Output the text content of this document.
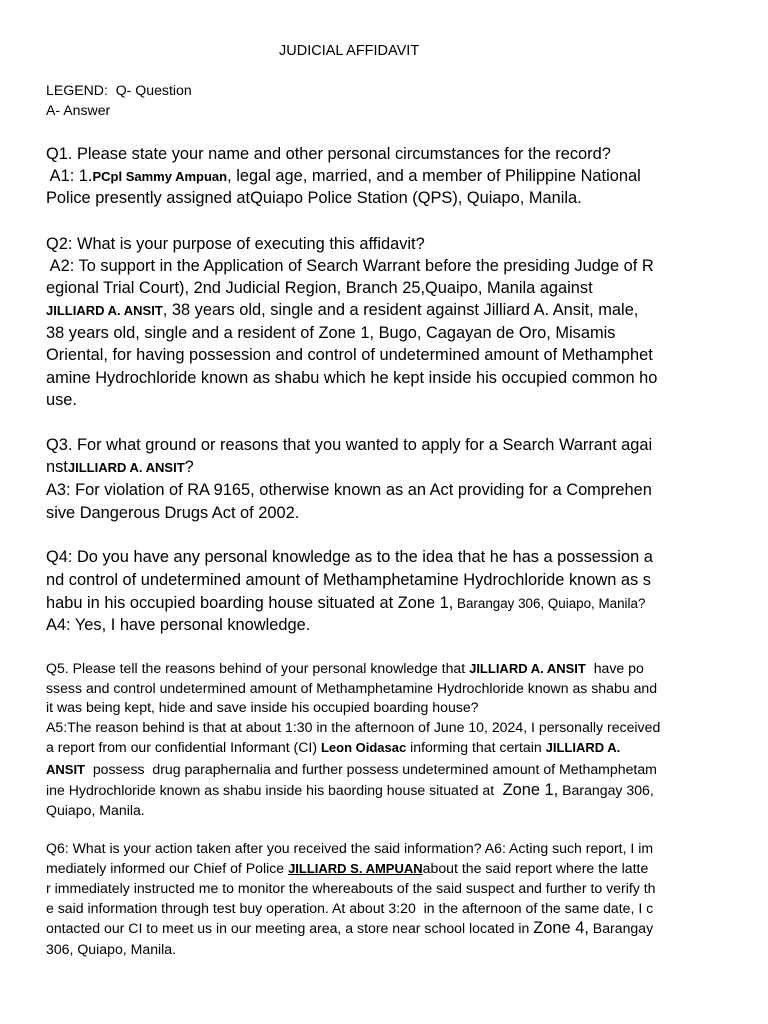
JUDICIAL AFFIDAVIT
LEGEND:  Q- Question
A- Answer
Q1. Please state your name and other personal circumstances for the record?
A1: 1.PCpl Sammy Ampuan, legal age, married, and a member of Philippine National
Police presently assigned atQuiapo Police Station (QPS), Quiapo, Manila.
Q2: What is your purpose of executing this affidavit?
A2: To support in the Application of Search Warrant before the presiding Judge of R
egional Trial Court), 2nd Judicial Region, Branch 25,Quaipo, Manila against
JILLIARD A. ANSIT, 38 years old, single and a resident against Jilliard A. Ansit, male,
38 years old, single and a resident of Zone 1, Bugo, Cagayan de Oro, Misamis
Oriental, for having possession and control of undetermined amount of Methamphet
amine Hydrochloride known as shabu which he kept inside his occupied common ho
use.
Q3. For what ground or reasons that you wanted to apply for a Search Warrant agai
nstJILLIARD A. ANSIT?
A3: For violation of RA 9165, otherwise known as an Act providing for a Comprehen
sive Dangerous Drugs Act of 2002.
Q4: Do you have any personal knowledge as to the idea that he has a possession a
nd control of undetermined amount of Methamphetamine Hydrochloride known as s
habu in his occupied boarding house situated at Zone 1, Barangay 306, Quiapo, Manila?
A4: Yes, I have personal knowledge.
Q5. Please tell the reasons behind of your personal knowledge that JILLIARD A. ANSIT  have po
ssess and control undetermined amount of Methamphetamine Hydrochloride known as shabu and
it was being kept, hide and save inside his occupied boarding house?
A5:The reason behind is that at about 1:30 in the afternoon of June 10, 2024, I personally received
a report from our confidential Informant (CI) Leon Oidasac informing that certain JILLIARD A.
ANSIT  possess  drug paraphernalia and further possess undetermined amount of Methamphetam
ine Hydrochloride known as shabu inside his baording house situated at  Zone 1, Barangay 306,
Quiapo, Manila.
Q6: What is your action taken after you received the said information? A6: Acting such report, I im
mediately informed our Chief of Police JILLIARD S. AMPUANabout the said report where the latte
r immediately instructed me to monitor the whereabouts of the said suspect and further to verify th
e said information through test buy operation. At about 3:20  in the afternoon of the same date, I c
ontacted our CI to meet us in our meeting area, a store near school located in Zone 4, Barangay
306, Quiapo, Manila.
